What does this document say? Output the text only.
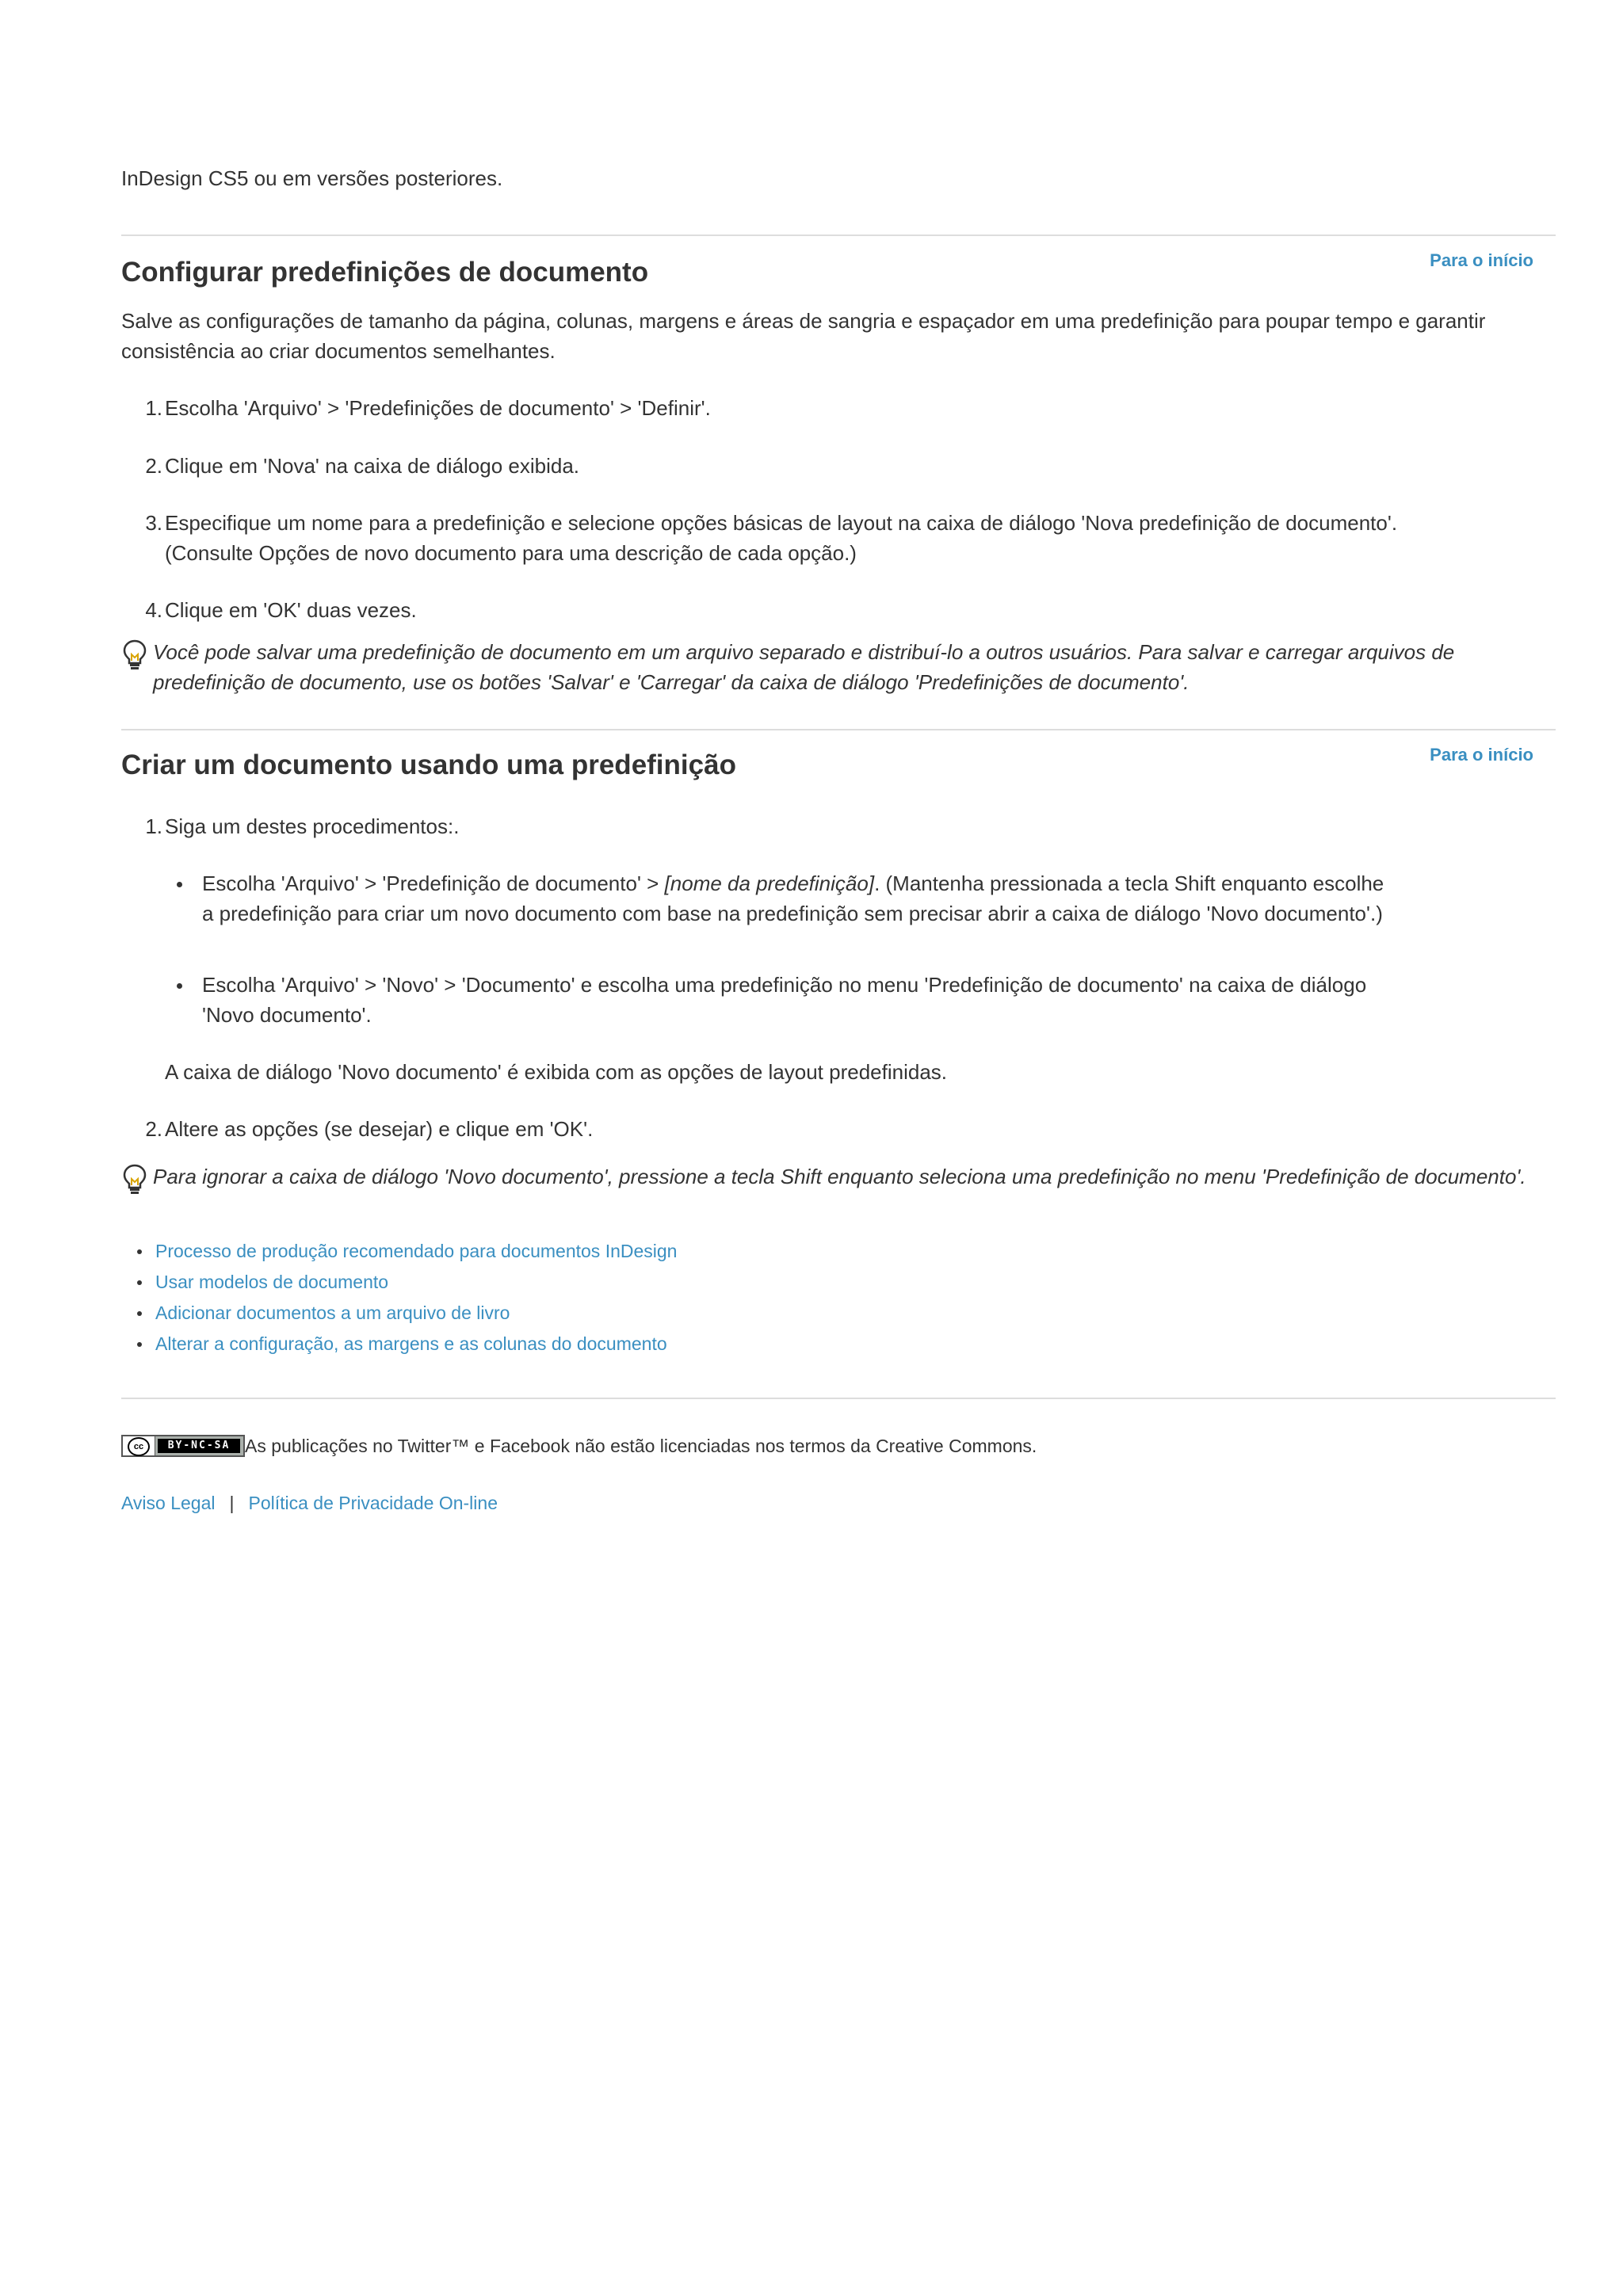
InDesign CS5 ou em versões posteriores.

Para o início
Configurar predefinições de documento

Salve as configurações de tamanho da página, colunas, margens e áreas de sangria e espaçador em uma predefinição para poupar tempo e garantir consistência ao criar documentos semelhantes.

1. Escolha 'Arquivo' > 'Predefinições de documento' > 'Definir'.
2. Clique em 'Nova' na caixa de diálogo exibida.
3. Especifique um nome para a predefinição e selecione opções básicas de layout na caixa de diálogo 'Nova predefinição de documento'. (Consulte Opções de novo documento para uma descrição de cada opção.)
4. Clique em 'OK' duas vezes.
Você pode salvar uma predefinição de documento em um arquivo separado e distribuí-lo a outros usuários. Para salvar e carregar arquivos de predefinição de documento, use os botões 'Salvar' e 'Carregar' da caixa de diálogo 'Predefinições de documento'.
Para o início
Criar um documento usando uma predefinição
1. Siga um destes procedimentos:.
Escolha 'Arquivo' > 'Predefinição de documento' > [nome da predefinição]. (Mantenha pressionada a tecla Shift enquanto escolhe a predefinição para criar um novo documento com base na predefinição sem precisar abrir a caixa de diálogo 'Novo documento'.)
Escolha 'Arquivo' > 'Novo' > 'Documento' e escolha uma predefinição no menu 'Predefinição de documento' na caixa de diálogo 'Novo documento'.

A caixa de diálogo 'Novo documento' é exibida com as opções de layout predefinidas.

2. Altere as opções (se desejar) e clique em 'OK'.
Para ignorar a caixa de diálogo 'Novo documento', pressione a tecla Shift enquanto seleciona uma predefinição no menu 'Predefinição de documento'.
Processo de produção recomendado para documentos InDesign
Usar modelos de documento
Adicionar documentos a um arquivo de livro
Alterar a configuração, as margens e as colunas do documento
cc	BY-NC-SA As publicações no Twitter™ e Facebook não estão licenciadas nos termos da Creative Commons.
Aviso Legal | Política de Privacidade On-line
